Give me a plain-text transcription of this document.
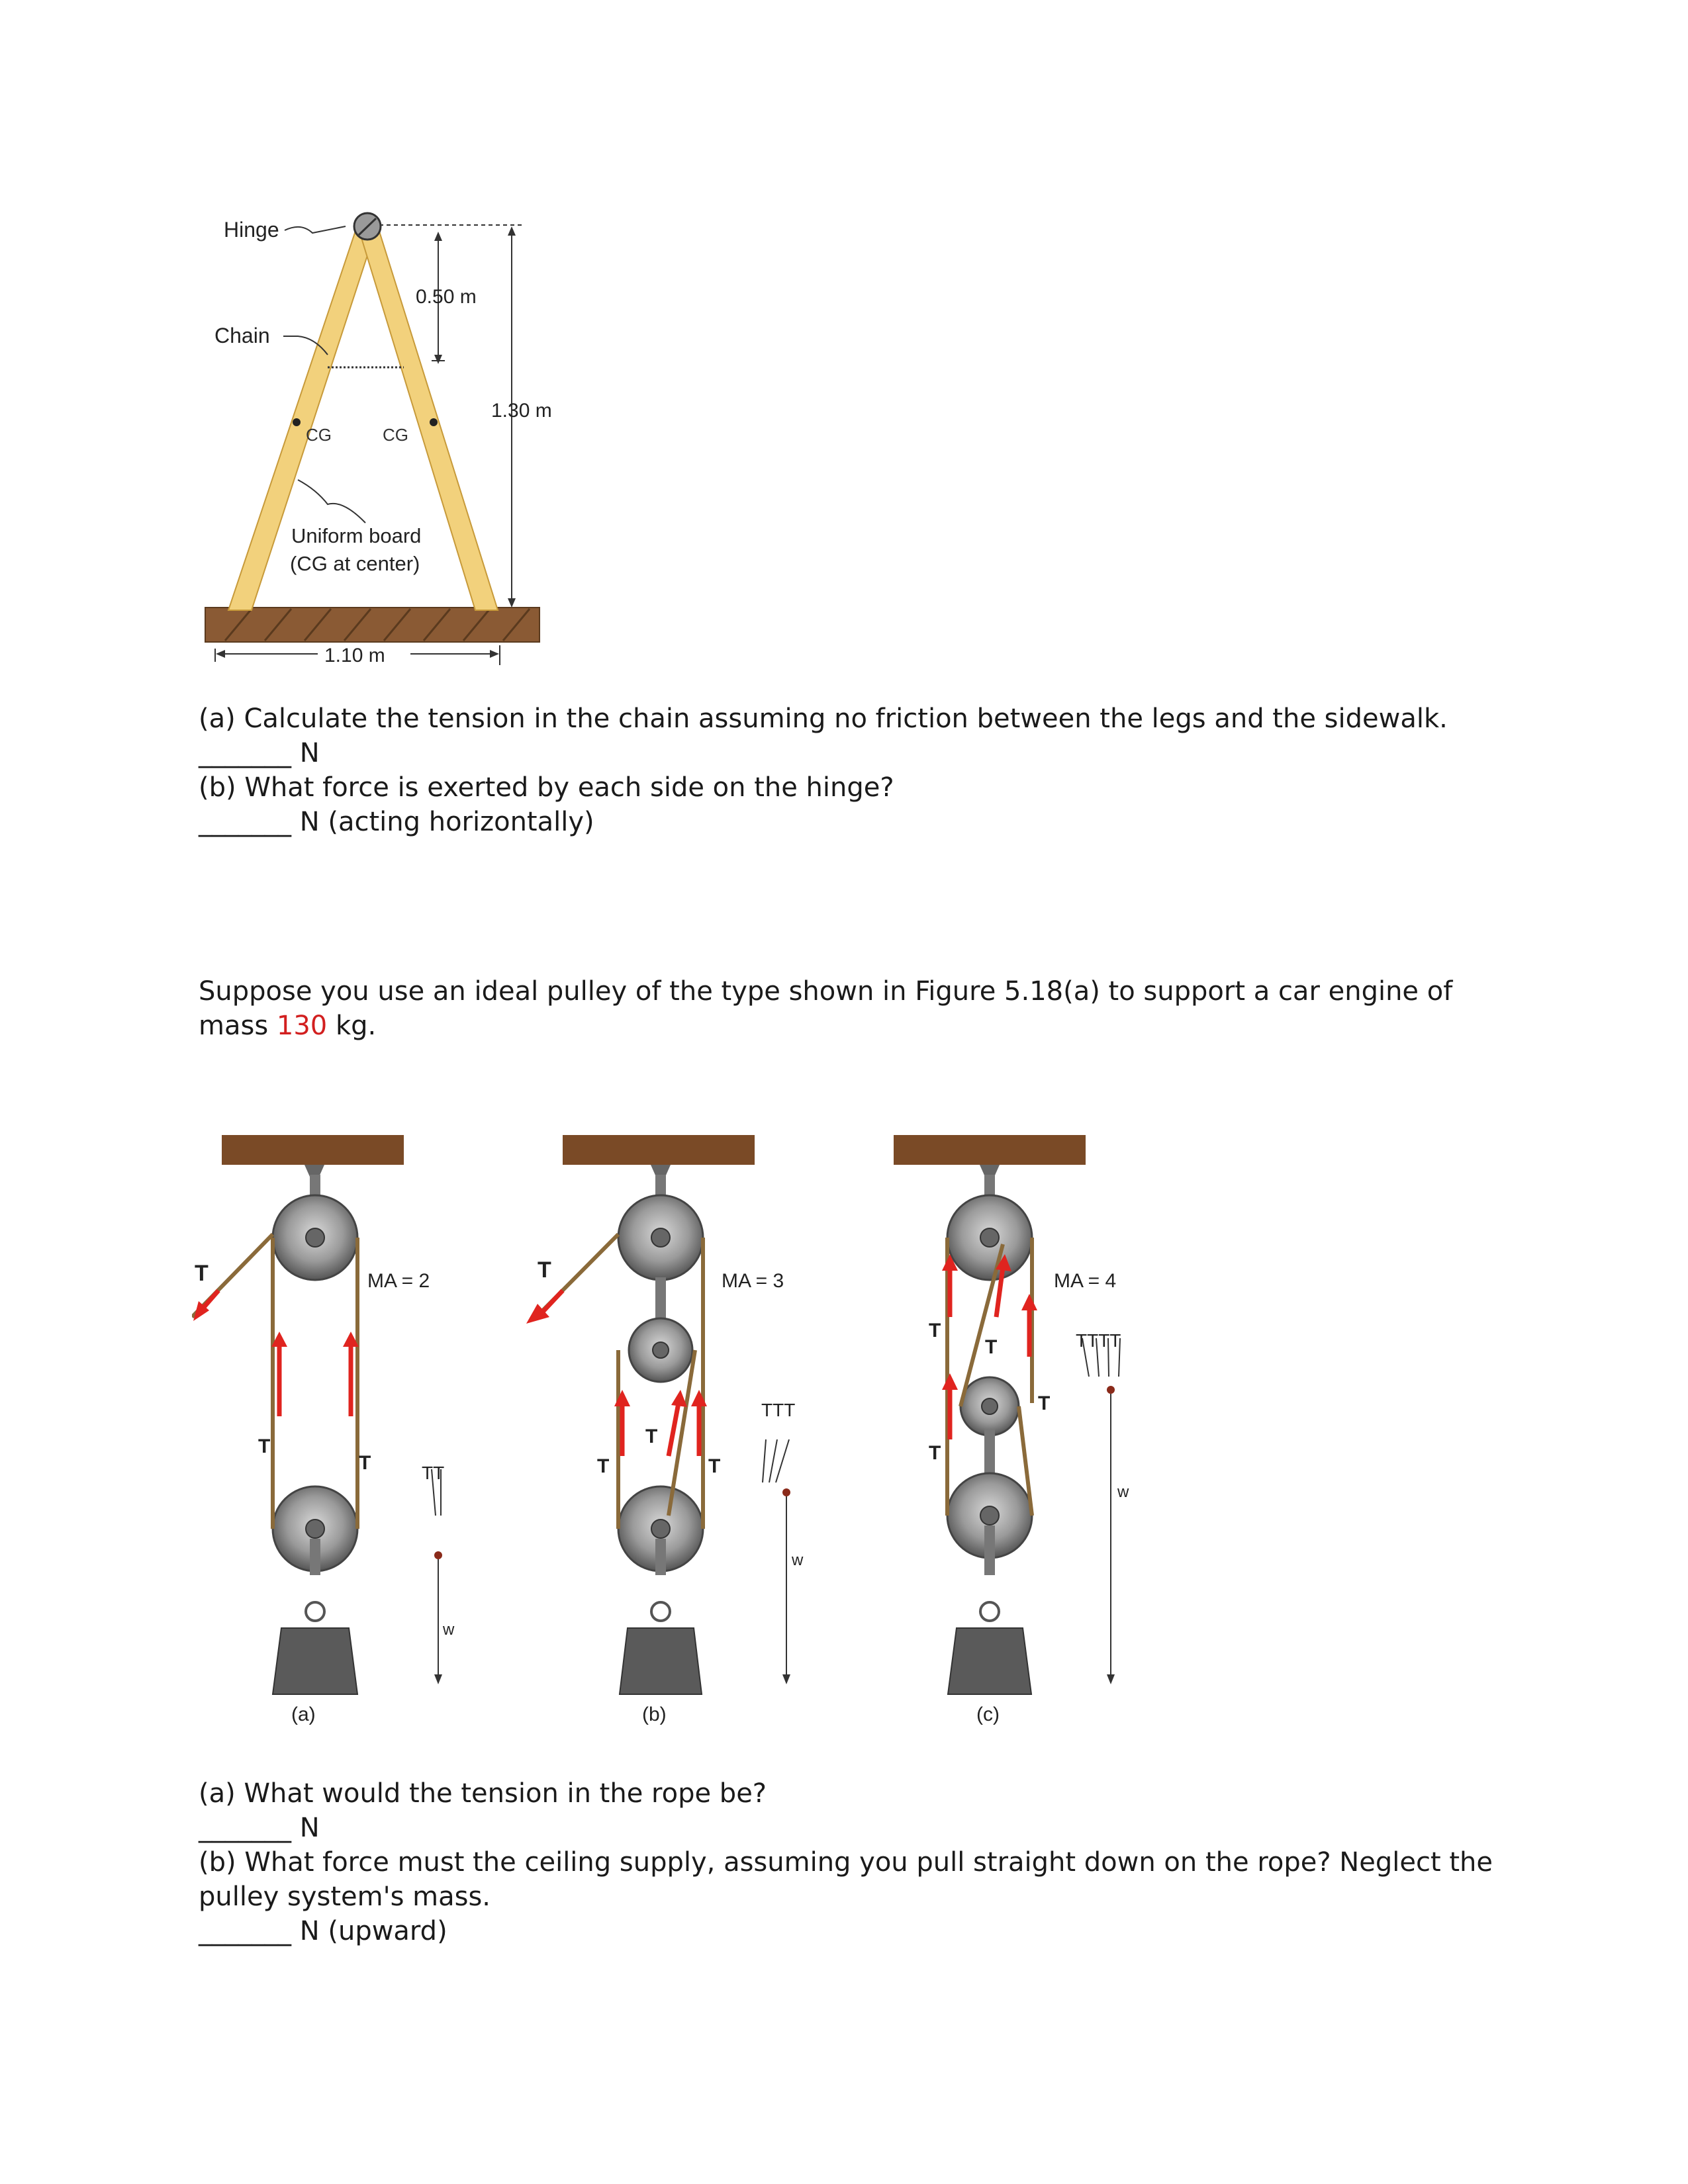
Hinge
Chain
0.50 m
1.30 m
1.10 m
CG	CG
Uniform board
(CG at center)
(a) Calculate the tension in the chain assuming no friction between the legs and the sidewalk.
_______ N
(b) What force is exerted by each side on the hinge?
_______ N (acting horizontally)
Suppose you use an ideal pulley of the type shown in Figure 5.18(a) to support a car engine of
mass 130 kg.
T
T
T
MA = 2
TT
w
(a)
T
T
T
T
MA = 3
TTT
w
(b)
T
T
T
T
MA = 4
TTTT
w
(c)
(a) What would the tension in the rope be?
_______ N
(b) What force must the ceiling supply, assuming you pull straight down on the rope? Neglect the
pulley system's mass.
_______ N (upward)
